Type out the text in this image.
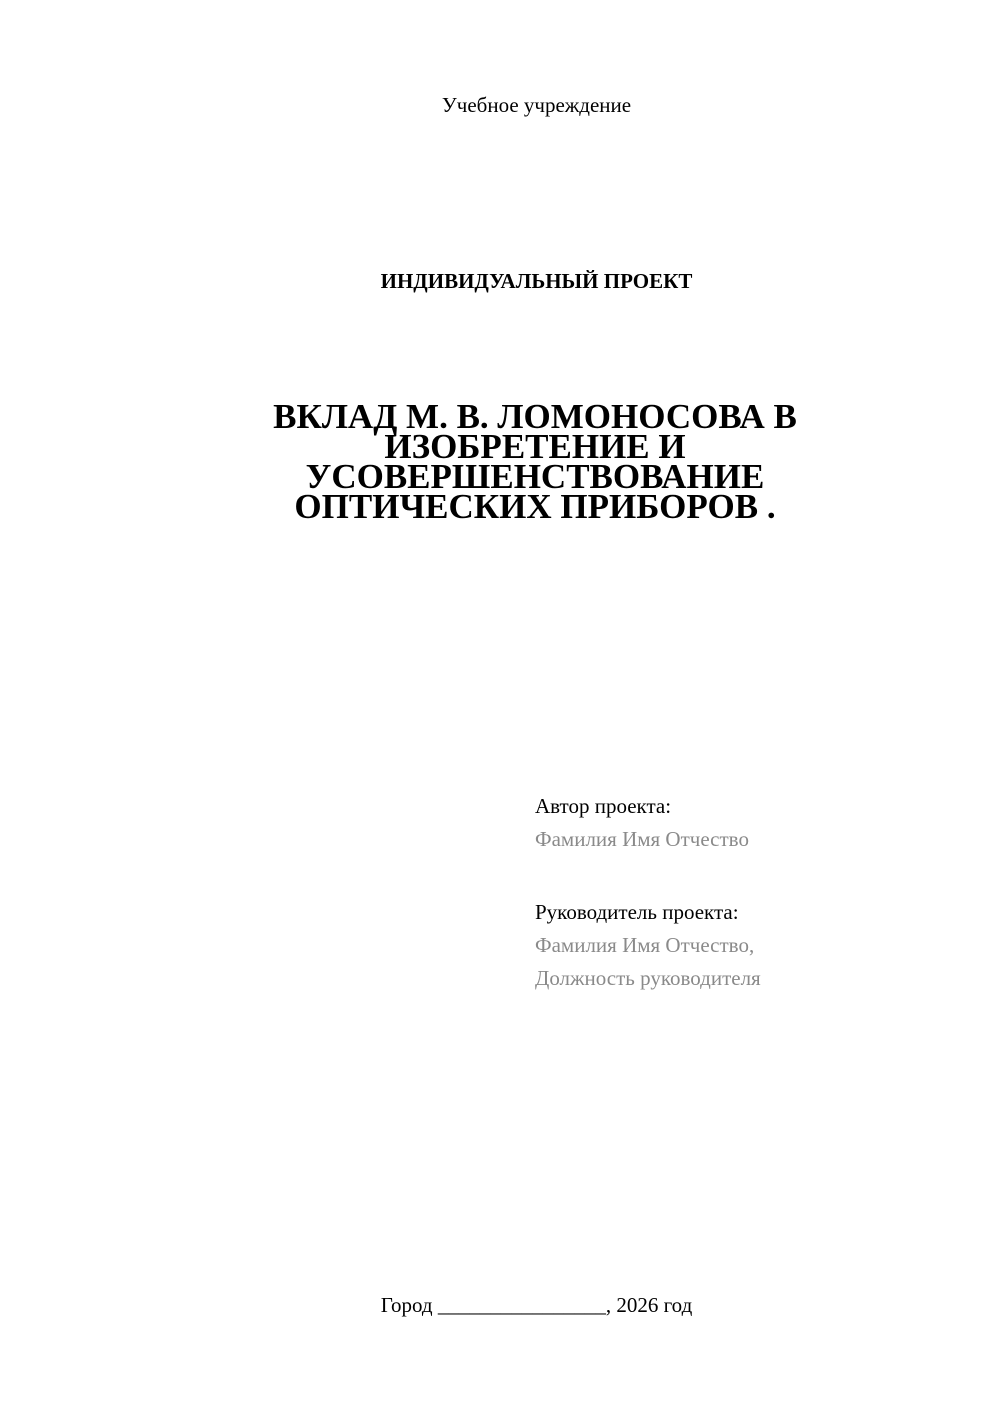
Учебное учреждение
ИНДИВИДУАЛЬНЫЙ ПРОЕКТ
ВКЛАД М. В. ЛОМОНОСОВА В
ИЗОБРЕТЕНИЕ И
УСОВЕРШЕНСТВОВАНИЕ
ОПТИЧЕСКИХ ПРИБОРОВ .
Автор проекта:
Фамилия Имя Отчество
Руководитель проекта:
Фамилия Имя Отчество,
Должность руководителя
Город ________________, 2026 год
